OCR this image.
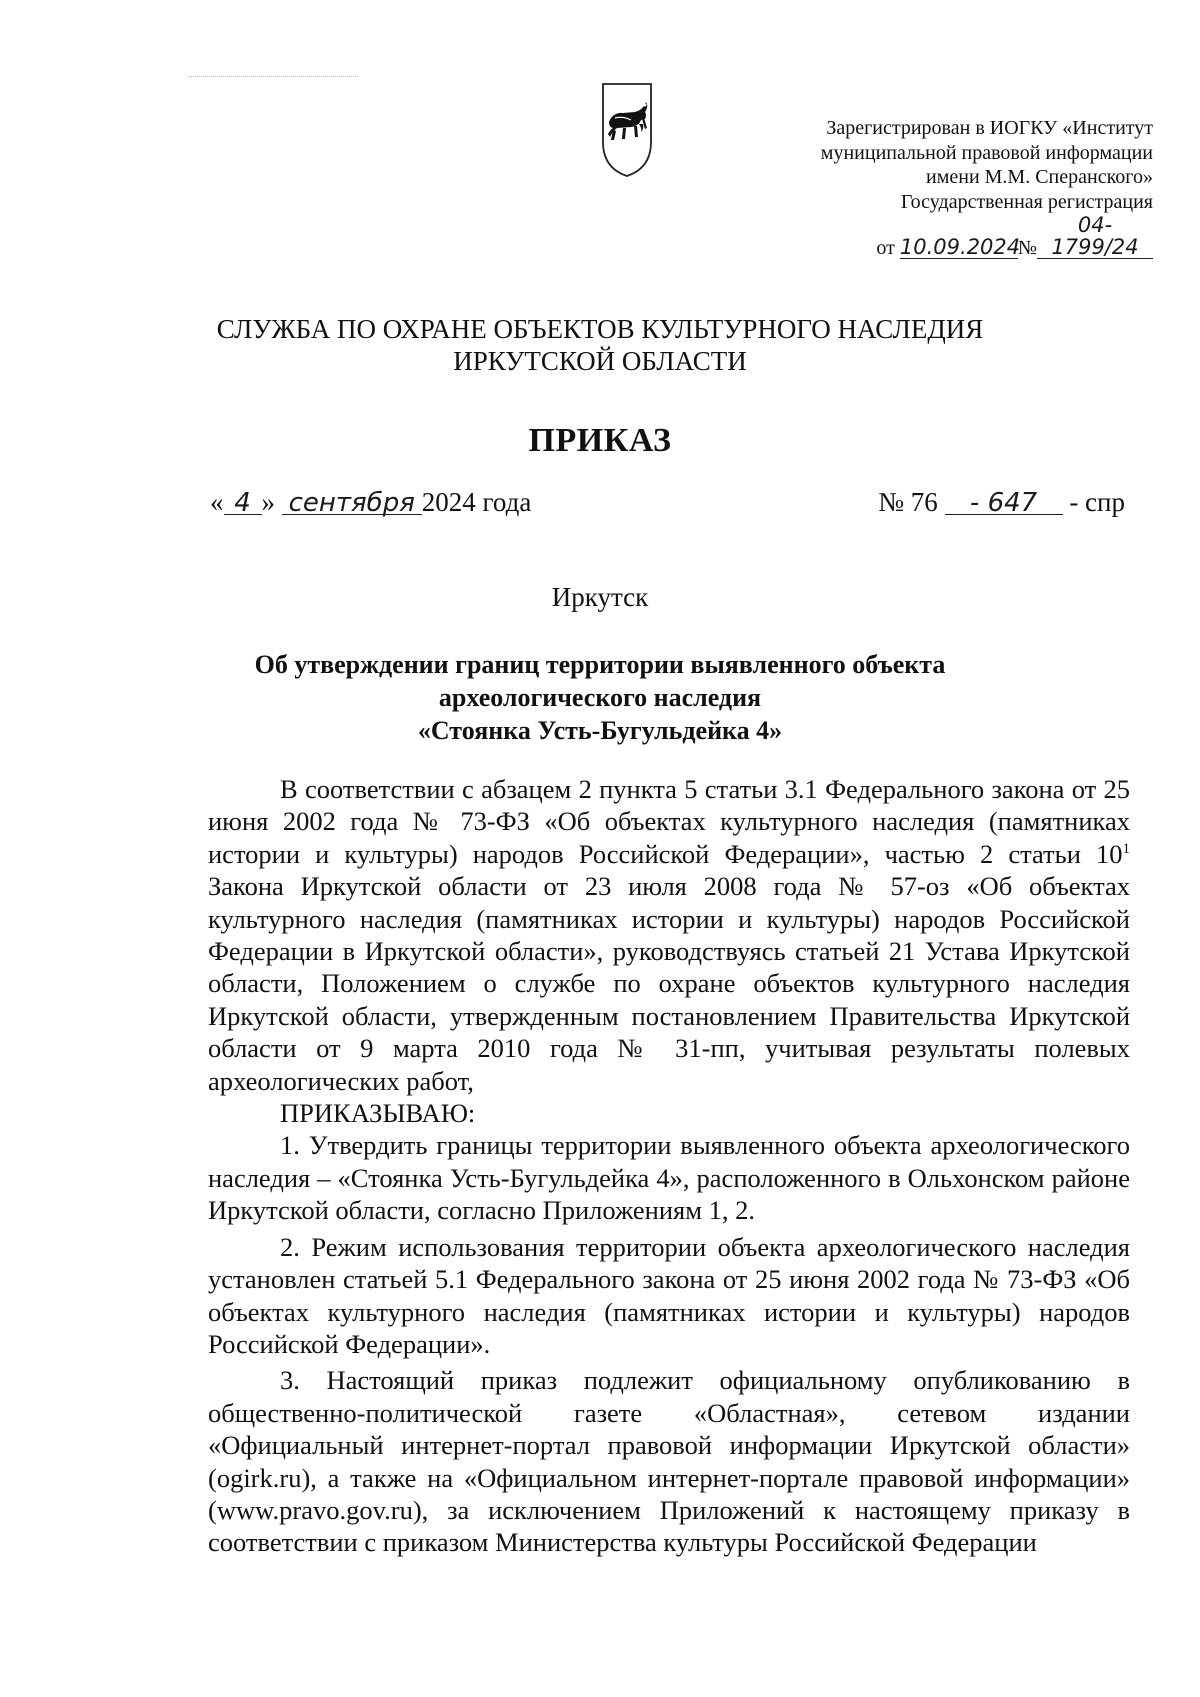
Зарегистрирован в ИОГКУ «Институт
муниципальной правовой информации
имени М.М. Сперанского»
Государственная регистрация
от 10.09.2024№04-1799/24
СЛУЖБА ПО ОХРАНЕ ОБЪЕКТОВ КУЛЬТУРНОГО НАСЛЕДИЯ
ИРКУТСКОЙ ОБЛАСТИ
ПРИКАЗ
« 4 » сентября 2024 года	№ 76 - 647 - спр
Иркутск
Об утверждении границ территории выявленного объекта
археологического наследия
«Стоянка Усть-Бугульдейка 4»

В соответствии с абзацем 2 пункта 5 статьи 3.1 Федерального закона от 25 июня 2002 года № 73-ФЗ «Об объектах культурного наследия (памятниках истории и культуры) народов Российской Федерации», частью 2 статьи $10^1$ Закона Иркутской области от 23 июля 2008 года № 57-оз «Об объектах культурного наследия (памятниках истории и культуры) народов Российской Федерации в Иркутской области», руководствуясь статьей 21 Устава Иркутской области, Положением о службе по охране объектов культурного наследия Иркутской области, утвержденным постановлением Правительства Иркутской области от 9 марта 2010 года № 31-пп, учитывая результаты полевых археологических работ,

ПРИКАЗЫВАЮ:

1. Утвердить границы территории выявленного объекта археологического наследия – «Стоянка Усть-Бугульдейка 4», расположенного в Ольхонском районе Иркутской области, согласно Приложениям 1, 2.

2. Режим использования территории объекта археологического наследия установлен статьей 5.1 Федерального закона от 25 июня 2002 года № 73-ФЗ «Об объектах культурного наследия (памятниках истории и культуры) народов Российской Федерации».

3. Настоящий приказ подлежит официальному опубликованию в общественно-политической газете «Областная», сетевом издании «Официальный интернет-портал правовой информации Иркутской области» (ogirk.ru), а также на «Официальном интернет-портале правовой информации» (www.pravo.gov.ru), за исключением Приложений к настоящему приказу в соответствии с приказом Министерства культуры Российской Федерации
